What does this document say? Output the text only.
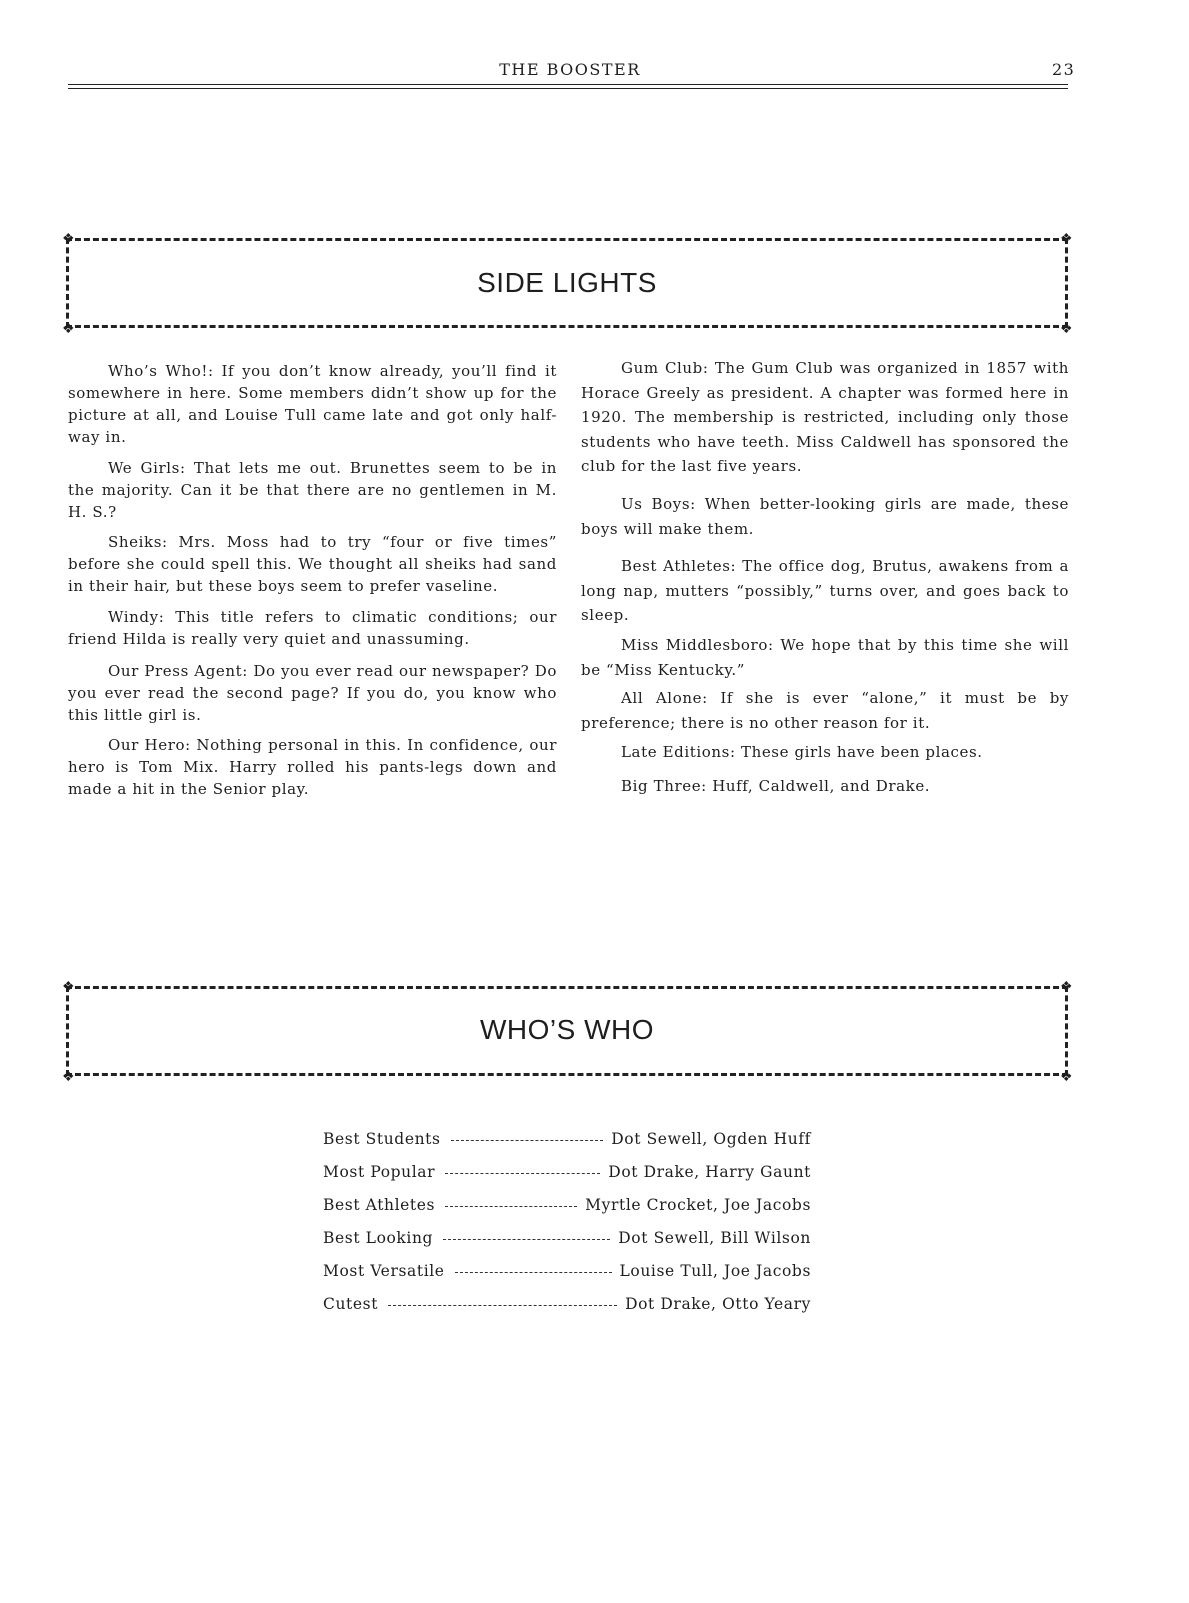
THE BOOSTER	23
❖	❖
❖	❖
SIDE LIGHTS

Who’s Who!: If you don’t know already, you’ll find it somewhere in here. Some members didn’t show up for the picture at all, and Louise Tull came late and got only half-way in.

We Girls: That lets me out. Brunettes seem to be in the majority. Can it be that there are no gentlemen in M. H. S.?

Sheiks: Mrs. Moss had to try “four or five times” before she could spell this. We thought all sheiks had sand in their hair, but these boys seem to prefer vaseline.

Windy: This title refers to climatic conditions; our friend Hilda is really very quiet and unassuming.

Our Press Agent: Do you ever read our newspaper? Do you ever read the second page? If you do, you know who this little girl is.

Our Hero: Nothing personal in this. In confidence, our hero is Tom Mix. Harry rolled his pants-legs down and made a hit in the Senior play.

Gum Club: The Gum Club was organized in 1857 with Horace Greely as president. A chapter was formed here in 1920. The membership is restricted, including only those students who have teeth. Miss Caldwell has sponsored the club for the last five years.

Us Boys: When better-looking girls are made, these boys will make them.

Best Athletes: The office dog, Brutus, awakens from a long nap, mutters “possibly,” turns over, and goes back to sleep.

Miss Middlesboro: We hope that by this time she will be “Miss Kentucky.”

All Alone: If she is ever “alone,” it must be by preference; there is no other reason for it.

Late Editions: These girls have been places.

Big Three: Huff, Caldwell, and Drake.

❖	❖
❖	❖
WHO’S WHO
Best Students	Dot Sewell, Ogden Huff
Most Popular	Dot Drake, Harry Gaunt
Best Athletes	Myrtle Crocket, Joe Jacobs
Best Looking	Dot Sewell, Bill Wilson
Most Versatile	Louise Tull, Joe Jacobs
Cutest	Dot Drake, Otto Yeary
